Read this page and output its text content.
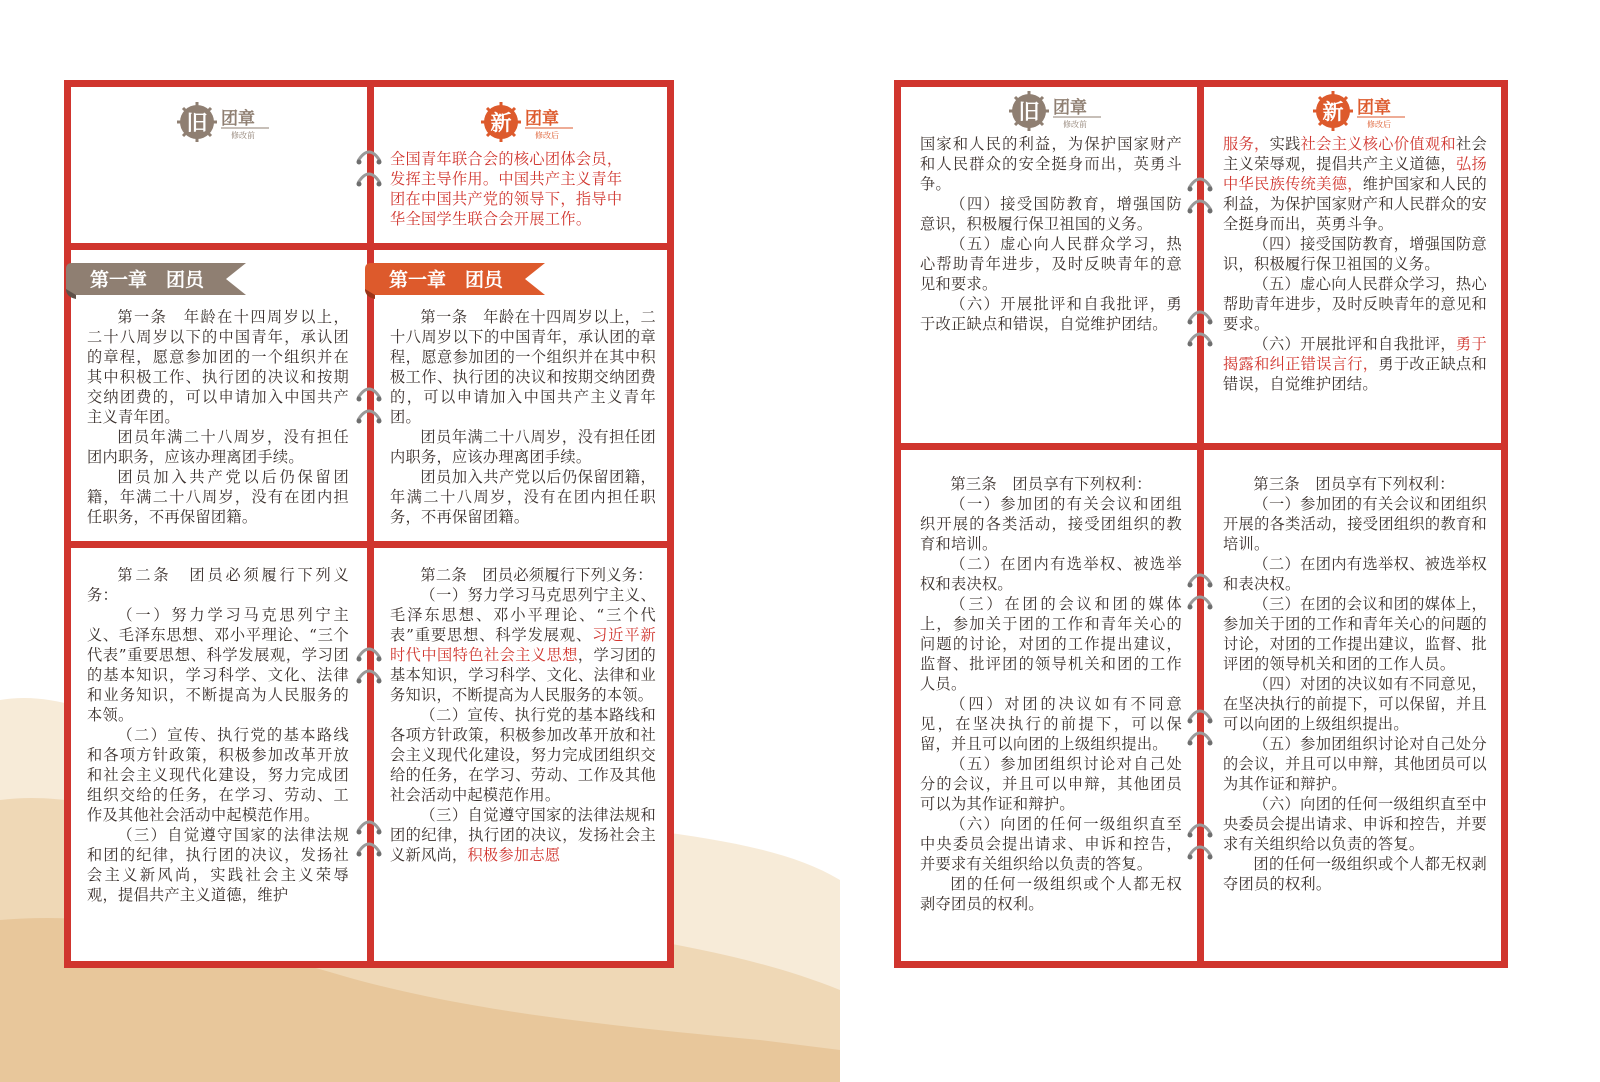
旧 团章
修改前
新 团章
修改后
全国青年联合会的核心团体会员，
发挥主导作用。中国共产主义青年
团在中国共产党的领导下，指导中
华全国学生联合会开展工作。
第一章　团员	第一章　团员

第一条　年龄在十四周岁以上，二十八周岁以下的中国青年，承认团的章程，愿意参加团的一个组织并在其中积极工作、执行团的决议和按期交纳团费的，可以申请加入中国共产主义青年团。

团员年满二十八周岁，没有担任团内职务，应该办理离团手续。

团员加入共产党以后仍保留团籍，年满二十八周岁，没有在团内担任职务，不再保留团籍。

第一条　年龄在十四周岁以上，二十八周岁以下的中国青年，承认团的章程，愿意参加团的一个组织并在其中积极工作、执行团的决议和按期交纳团费的，可以申请加入中国共产主义青年团。

团员年满二十八周岁，没有担任团内职务，应该办理离团手续。

团员加入共产党以后仍保留团籍，年满二十八周岁，没有在团内担任职务，不再保留团籍。

第二条　团员必须履行下列义务：

（一）努力学习马克思列宁主义、毛泽东思想、邓小平理论、“三个代表”重要思想、科学发展观，学习团的基本知识，学习科学、文化、法律和业务知识，不断提高为人民服务的本领。

（二）宣传、执行党的基本路线和各项方针政策，积极参加改革开放和社会主义现代化建设，努力完成团组织交给的任务，在学习、劳动、工作及其他社会活动中起模范作用。

（三）自觉遵守国家的法律法规和团的纪律，执行团的决议，发扬社会主义新风尚，实践社会主义荣辱观，提倡共产主义道德，维护

第二条　团员必须履行下列义务：

（一）努力学习马克思列宁主义、毛泽东思想、邓小平理论、“三个代表”重要思想、科学发展观、习近平新时代中国特色社会主义思想，学习团的基本知识，学习科学、文化、法律和业务知识，不断提高为人民服务的本领。

（二）宣传、执行党的基本路线和各项方针政策，积极参加改革开放和社会主义现代化建设，努力完成团组织交给的任务，在学习、劳动、工作及其他社会活动中起模范作用。

（三）自觉遵守国家的法律法规和团的纪律，执行团的决议，发扬社会主义新风尚，积极参加志愿

旧 团章
修改前
新 团章
修改后

国家和人民的利益，为保护国家财产和人民群众的安全挺身而出，英勇斗争。

（四）接受国防教育，增强国防意识，积极履行保卫祖国的义务。

（五）虚心向人民群众学习，热心帮助青年进步，及时反映青年的意见和要求。

（六）开展批评和自我批评，勇于改正缺点和错误，自觉维护团结。

服务，实践社会主义核心价值观和社会主义荣辱观，提倡共产主义道德，弘扬中华民族传统美德，维护国家和人民的利益，为保护国家财产和人民群众的安全挺身而出，英勇斗争。

（四）接受国防教育，增强国防意识，积极履行保卫祖国的义务。

（五）虚心向人民群众学习，热心帮助青年进步，及时反映青年的意见和要求。

（六）开展批评和自我批评，勇于揭露和纠正错误言行，勇于改正缺点和错误，自觉维护团结。

第三条　团员享有下列权利：

（一）参加团的有关会议和团组织开展的各类活动，接受团组织的教育和培训。

（二）在团内有选举权、被选举权和表决权。

（三）在团的会议和团的媒体上，参加关于团的工作和青年关心的问题的讨论，对团的工作提出建议，监督、批评团的领导机关和团的工作人员。

（四）对团的决议如有不同意见，在坚决执行的前提下，可以保留，并且可以向团的上级组织提出。

（五）参加团组织讨论对自己处分的会议，并且可以申辩，其他团员可以为其作证和辩护。

（六）向团的任何一级组织直至中央委员会提出请求、申诉和控告，并要求有关组织给以负责的答复。

团的任何一级组织或个人都无权剥夺团员的权利。

第三条　团员享有下列权利：

（一）参加团的有关会议和团组织开展的各类活动，接受团组织的教育和培训。

（二）在团内有选举权、被选举权和表决权。

（三）在团的会议和团的媒体上，参加关于团的工作和青年关心的问题的讨论，对团的工作提出建议，监督、批评团的领导机关和团的工作人员。

（四）对团的决议如有不同意见，在坚决执行的前提下，可以保留，并且可以向团的上级组织提出。

（五）参加团组织讨论对自己处分的会议，并且可以申辩，其他团员可以为其作证和辩护。

（六）向团的任何一级组织直至中央委员会提出请求、申诉和控告，并要求有关组织给以负责的答复。

团的任何一级组织或个人都无权剥夺团员的权利。
